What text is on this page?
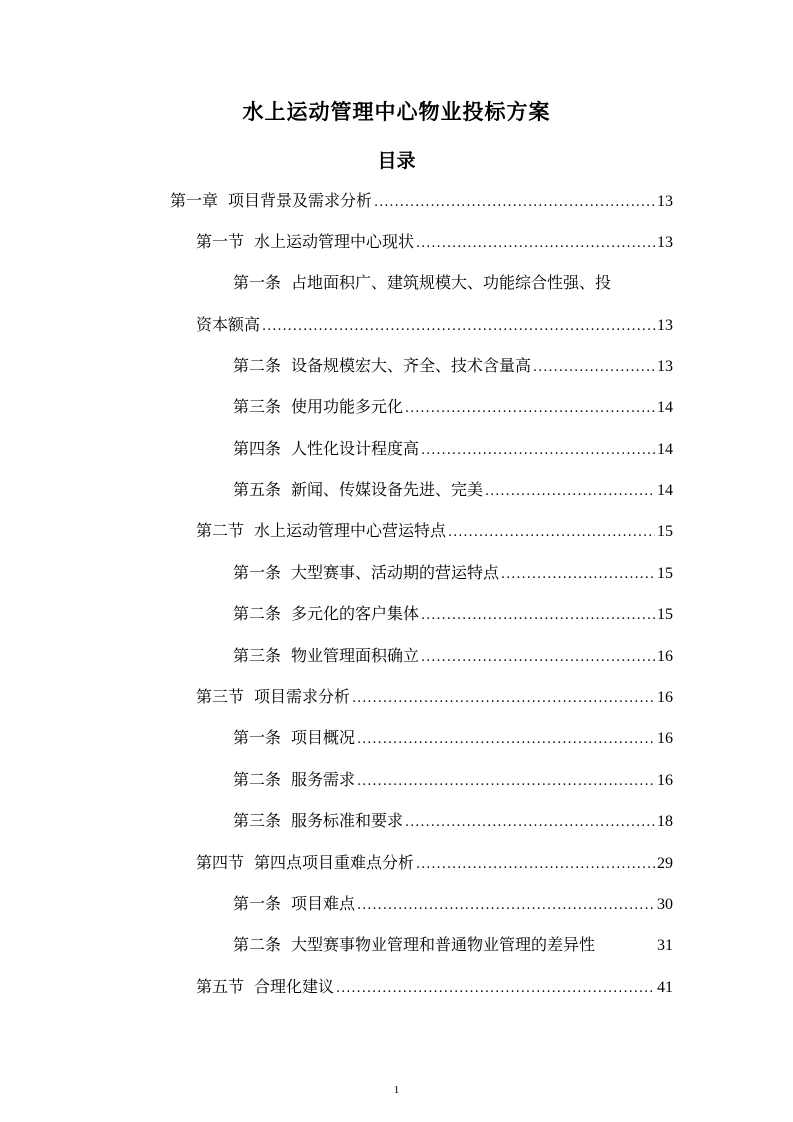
水上运动管理中心物业投标方案
目录
第一章 项目背景及需求分析 .....	13
第一节 水上运动管理中心现状 .....	13
第一条 占地面积广、建筑规模大、功能综合性强、投
资本额高 .....	13
第二条 设备规模宏大、齐全、技术含量高 .....	13
第三条 使用功能多元化 .....	14
第四条 人性化设计程度高 .....	14
第五条 新闻、传媒设备先进、完美 .....	14
第二节 水上运动管理中心营运特点 .....	15
第一条 大型赛事、活动期的营运特点 .....	15
第二条 多元化的客户集体 .....	15
第三条 物业管理面积确立 .....	16
第三节 项目需求分析 .....	16
第一条 项目概况 .....	16
第二条 服务需求 .....	16
第三条 服务标准和要求 .....	18
第四节 第四点项目重难点分析 .....	29
第一条 项目难点 .....	30
第二条 大型赛事物业管理和普通物业管理的差异性	31
第五节 合理化建议 .....	41
1
